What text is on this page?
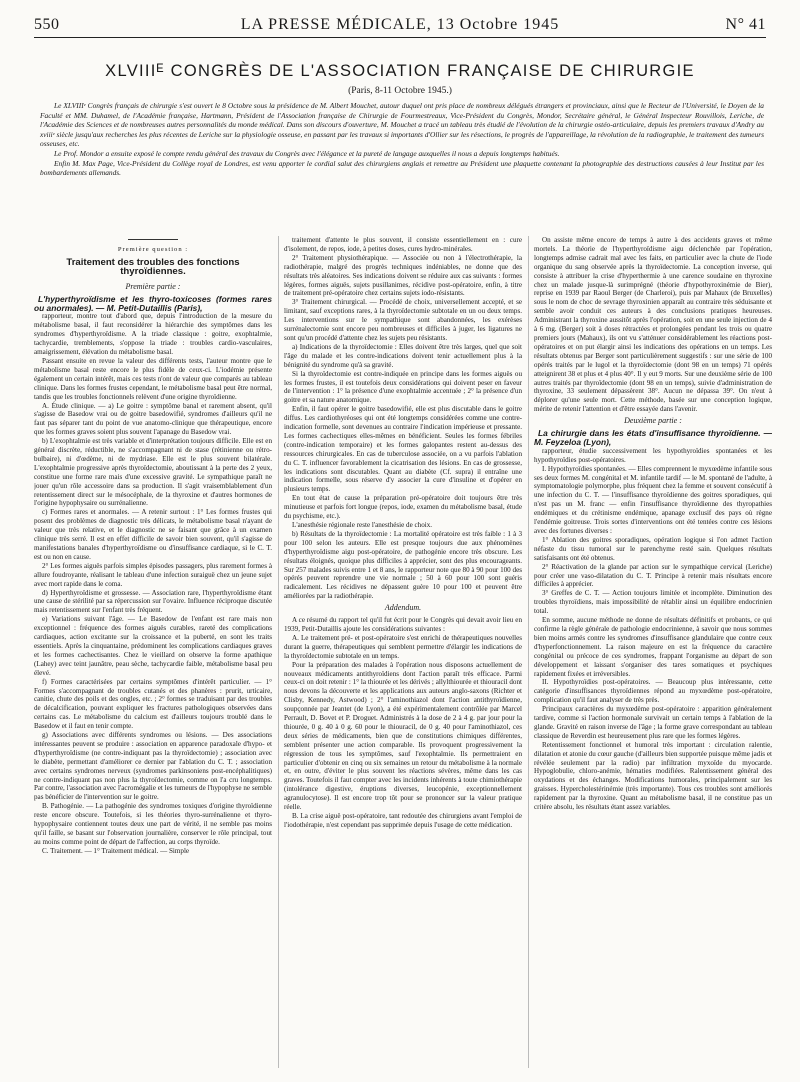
550	LA PRESSE MÉDICALE, 13 Octobre 1945	N° 41
XLVIIIᴱ CONGRÈS DE L'ASSOCIATION FRANÇAISE DE CHIRURGIE
(Paris, 8-11 Octobre 1945.)

Le XLVIIIᵉ Congrès français de chirurgie s'est ouvert le 8 Octobre sous la présidence de M. Albert Mouchet, autour duquel ont pris place de nombreux délégués étrangers et provinciaux, ainsi que le Recteur de l'Université, le Doyen de la Faculté et MM. Duhamel, de l'Académie française, Hartmann, Président de l'Association française de Chirurgie de Fourmestreaux, Vice-Président du Congrès, Mondor, Secrétaire général, le Général Inspecteur Rouvillois, Leriche, de l'Académie des Sciences et de nombreuses autres personnalités du monde médical. Dans son discours d'ouverture, M. Mouchet a tracé un tableau très étudié de l'évolution de la chirurgie ostéo-articulaire, depuis les premiers travaux d'Andry au xviiiᵉ siècle jusqu'aux recherches les plus récentes de Leriche sur la physiologie osseuse, en passant par les travaux si importants d'Ollier sur les résections, le progrès de l'appareillage, la révolution de la radiographie, le traitement des tumeurs osseuses, etc.

Le Prof. Mondor a ensuite exposé le compte rendu général des travaux du Congrès avec l'élégance et la pureté de langage auxquelles il nous a depuis longtemps habitués.

Enfin M. Max Page, Vice-Président du Collège royal de Londres, est venu apporter le cordial salut des chirurgiens anglais et remettre au Président une plaquette contenant la photographie des destructions causées à leur Institut par les bombardements allemands.

Première question :

Traitement des troubles des fonctions thyroïdiennes.

Première partie :

L'hyperthyroïdisme et les thyro-toxicoses (formes rares ou anormales). — M. Petit-Dutaillis (Paris),

rapporteur, montre tout d'abord que, depuis l'introduction de la mesure du métabolisme basal, il faut reconsidérer la hiérarchie des symptômes dans les syndromes d'hyperthyroïdisme. A la triade classique : goitre, exophtalmie, tachycardie, tremblements, s'oppose la triade : troubles cardio-vasculaires, amaigrissement, élévation du métabolisme basal.

Passant ensuite en revue la valeur des différents tests, l'auteur montre que le métabolisme basal reste encore le plus fidèle de ceux-ci. L'iodémie présente également un certain intérêt, mais ces tests n'ont de valeur que comparés au tableau clinique. Dans les formes frustes cependant, le métabolisme basal peut être normal, tandis que les troubles fonctionnels relèvent d'une origine thyroïdienne.

A. Étude clinique. — a) Le goitre : symptôme banal et rarement absent, qu'il s'agisse de Basedow vrai ou de goitre basedowifié, syndromes d'ailleurs qu'il ne faut pas séparer tant du point de vue anatomo-clinique que thérapeutique, encore que les formes graves soient plus souvent l'apanage du Basedow vrai.

b) L'exophtalmie est très variable et d'interprétation toujours difficile. Elle est en général discrète, réductible, ne s'accompagnant ni de stase (rétinienne ou rétro-bulbaire), ni d'œdème, ni de mydriase. Elle est le plus souvent bilatérale. L'exophtalmie progressive après thyroïdectomie, aboutissant à la perte des 2 yeux, constitue une forme rare mais d'une excessive gravité. Le sympathique paraît ne jouer qu'un rôle accessoire dans sa production. Il s'agit vraisemblablement d'un retentissement direct sur le mésocéphale, de la thyroxine et d'autres hormones de l'origine hypophysaire ou surrénalienne.

c) Formes rares et anormales. — A retenir surtout : 1° Les formes frustes qui posent des problèmes de diagnostic très délicats, le métabolisme basal n'ayant de valeur que très relative, et le diagnostic ne se faisant que grâce à un examen clinique très serré. Il est en effet difficile de savoir bien souvent, qu'il s'agisse de manifestations banales d'hyperthyroïdisme ou d'insuffisance cardiaque, si le C. T. est ou non en cause.

2° Les formes aiguës parfois simples épisodes passagers, plus rarement formes à allure foudroyante, réalisant le tableau d'une infection suraiguë chez un jeune sujet avec mort rapide dans le coma.

d) Hyperthyroïdisme et grossesse. — Association rare, l'hyperthyroïdisme étant une cause de stérilité par sa répercussion sur l'ovaire. Influence réciproque discutée mais retentissement sur l'enfant très fréquent.

e) Variations suivant l'âge. — Le Basedow de l'enfant est rare mais non exceptionnel : fréquence des formes aiguës curables, rareté des complications cardiaques, action excitante sur la croissance et la puberté, en sont les traits essentiels. Après la cinquantaine, prédominent les complications cardiaques graves et les formes cachectisantes. Chez le vieillard on observe la forme apathique (Lahey) avec teint jaunâtre, peau sèche, tachycardie faible, métabolisme basal peu élevé.

f) Formes caractérisées par certains symptômes d'intérêt particulier. — 1° Formes s'accompagnant de troubles cutanés et des phanères : prurit, urticaire, canitie, chute des poils et des ongles, etc. ; 2° formes se traduisant par des troubles de décalcification, pouvant expliquer les fractures pathologiques observées dans certains cas. Le métabolisme du calcium est d'ailleurs toujours troublé dans le Basedow et il faut en tenir compte.

g) Associations avec différents syndromes ou lésions. — Des associations intéressantes peuvent se produire : association en apparence paradoxale d'hypo- et d'hyperthyroïdisme (ne contre-indiquant pas la thyroïdectomie) ; association avec le diabète, permettant d'améliorer ce dernier par l'ablation du C. T. ; association avec certains syndromes nerveux (syndromes parkinsoniens post-encéphalitiques) ne contre-indiquant pas non plus la thyroïdectomie, comme on l'a cru longtemps. Par contre, l'association avec l'acromégalie et les tumeurs de l'hypophyse ne semble pas bénéficier de l'intervention sur le goitre.

B. Pathogénie. — La pathogénie des syndromes toxiques d'origine thyroïdienne reste encore obscure. Toutefois, si les théories thyro-surrénalienne et thyro-hypophysaire contiennent toutes deux une part de vérité, il ne semble pas moins qu'il faille, se basant sur l'observation journalière, conserver le rôle principal, tout au moins comme point de départ de l'affection, au corps thyroïde.

C. Traitement. — 1° Traitement médical. — Simple

traitement d'attente le plus souvent, il consiste essentiellement en : cure d'isolement, de repos, iode, à petites doses, cures hydro-minérales.

2° Traitement physiothérapique. — Associée ou non à l'électrothérapie, la radiothérapie, malgré des progrès techniques indéniables, ne donne que des résultats très aléatoires. Ses indications doivent se réduire aux cas suivants : formes légères, formes aiguës, sujets pusillanimes, récidive post-opératoire, enfin, à titre de traitement pré-opératoire chez certains sujets iodo-résistants.

3° Traitement chirurgical. — Procédé de choix, universellement accepté, et se limitant, sauf exceptions rares, à la thyroïdectomie subtotale en un ou deux temps. Les interventions sur le sympathique sont abandonnées, les exérèses surrénalectomie sont encore peu nombreuses et difficiles à juger, les ligatures ne sont qu'un procédé d'attente chez les sujets peu résistants.

a) Indications de la thyroïdectomie : Elles doivent être très larges, quel que soit l'âge du malade et les contre-indications doivent tenir actuellement plus à la bénignité du syndrome qu'à sa gravité.

Si la thyroïdectomie est contre-indiquée en principe dans les formes aiguës ou les formes frustes, il est toutefois deux considérations qui doivent peser en faveur de l'intervention : 1° la présence d'une exophtalmie accentuée ; 2° la présence d'un goitre et sa nature anatomique.

Enfin, il faut opérer le goitre basedowifié, elle est plus discutable dans le goitre diffus. Les cardiothyréoses qui ont été longtemps considérées comme une contre-indication formelle, sont devenues au contraire l'indication impérieuse et pressante. Les formes cachectiques elles-mêmes en bénéficient. Seules les formes fébriles (contre-indication temporaire) et les formes galopantes restent au-dessus des ressources chirurgicales. En cas de tuberculose associée, on a vu parfois l'ablation du C. T. influencer favorablement la cicatrisation des lésions. En cas de grossesse, les indications sont discutables. Quant au diabète (Cf. supra) il entraîne une indication formelle, sous réserve d'y associer la cure d'insuline et d'opérer en plusieurs temps.

En tout état de cause la préparation pré-opératoire doit toujours être très minutieuse et parfois fort longue (repos, iode, examen du métabolisme basal, étude du psychisme, etc.).

L'anesthésie régionale reste l'anesthésie de choix.

b) Résultats de la thyroïdectomie : La mortalité opératoire est très faible : 1 à 3 pour 100 selon les auteurs. Elle est presque toujours due aux phénomènes d'hyperthyroïdisme aigu post-opératoire, de pathogénie encore très obscure. Les résultats éloignés, quoique plus difficiles à apprécier, sont des plus encourageants. Sur 257 malades suivis entre 1 et 8 ans, le rapporteur note que 80 à 90 pour 100 des opérés peuvent reprendre une vie normale ; 50 à 60 pour 100 sont guéris radicalement. Les récidives ne dépassent guère 10 pour 100 et peuvent être améliorées par la radiothérapie.

Addendum.

A ce résumé du rapport tel qu'il fut écrit pour le Congrès qui devait avoir lieu en 1939, Petit-Dutaillis ajoute les considérations suivantes :

A. Le traitement pré- et post-opératoire s'est enrichi de thérapeutiques nouvelles durant la guerre, thérapeutiques qui semblent permettre d'élargir les indications de la thyroïdectomie subtotale en un temps.

Pour la préparation des malades à l'opération nous disposons actuellement de nouveaux médicaments antithyroïdiens dont l'action paraît très efficace. Parmi ceux-ci on doit retenir : 1° la thiourée et les dérivés ; allylthiourée et thiouracil dont nous devons la découverte et les applications aux auteurs anglo-saxons (Richter et Clisby, Kennedy, Astwood) ; 2° l'aminothiazol dont l'action antithyroïdienne, soupçonnée par Jeantet (de Lyon), a été expérimentalement contrôlée par Marcel Perrault, D. Bovet et P. Droguet. Administrés à la dose de 2 à 4 g. par jour pour la thiourée, 0 g. 40 à 0 g. 60 pour le thiouracil, de 0 g. 40 pour l'aminothiazol, ces deux séries de médicaments, bien que de constitutions chimiques différentes, semblent présenter une action comparable. Ils provoquent progressivement la régression de tous les symptômes, sauf l'exophtalmie. Ils permettraient en particulier d'obtenir en cinq ou six semaines un retour du métabolisme à la normale et, en outre, d'éviter le plus souvent les réactions sévères, même dans les cas graves. Toutefois il faut compter avec les incidents inhérents à toute chimiothérapie (intolérance digestive, éruptions diverses, leucopénie, exceptionnellement agranulocytose). Il est encore trop tôt pour se prononcer sur la valeur pratique réelle.

B. La crise aiguë post-opératoire, tant redoutée des chirurgiens avant l'emploi de l'iodothérapie, n'est cependant pas supprimée depuis l'usage de cette médication.

On assiste même encore de temps à autre à des accidents graves et même mortels. La théorie de l'hyperthyroïdisme aigu déclenchée par l'opération, longtemps admise cadrait mal avec les faits, en particulier avec la chute de l'iode organique du sang observée après la thyroïdectomie. La conception inverse, qui consiste à attribuer la crise d'hyperthermie à une carence soudaine en thyroxine chez un malade jusque-là surimprégné (théorie d'hypothyroxinémie de Bier), reprise en 1939 par Raoul Berger (de Charleroi), puis par Mahaux (de Bruxelles) sous le nom de choc de sevrage thyroxinien apparaît au contraire très séduisante et semble avoir conduit ces auteurs à des conclusions pratiques heureuses. Administrant la thyroxine aussitôt après l'opération, soit en une seule injection de 4 à 6 mg. (Berger) soit à doses rétractées et prolongées pendant les trois ou quatre premiers jours (Mahaux), ils ont vu s'atténuer considérablement les réactions post-opératoires et on put élargir ainsi les indications des opérations en un temps. Les résultats obtenus par Berger sont particulièrement suggestifs : sur une série de 100 opérés traités par le lugol et la thyroïdectomie (dont 98 en un temps) 71 opérés atteignirent 38 et plus et 4 plus 40°. Il y eut 9 morts. Sur une deuxième série de 100 autres traités par thyroïdectomie (dont 98 en un temps), suivie d'administration de thyroxine, 33 seulement dépassèrent 38°. Aucun ne dépassa 39°. On n'eut à déplorer qu'une seule mort. Cette méthode, basée sur une conception logique, mérite de retenir l'attention et d'être essayée dans l'avenir.

Deuxième partie :

La chirurgie dans les états d'insuffisance thyroïdienne. — M. Feyzeloa (Lyon),

rapporteur, étudie successivement les hypothyroïdies spontanées et les hypothyroïdies post-opératoires.

I. Hypothyroïdies spontanées. — Elles comprennent le myxœdème infantile sous ses deux formes M. congénital et M. infantile tardif — le M. spontané de l'adulte, à symptomatologie polymorphe, plus fréquent chez la femme et souvent consécutif à une infection du C. T. — l'insuffisance thyroïdienne des goitres sporadiques, qui n'est pas un M. franc — enfin l'insuffisance thyroïdienne des thyropathies endémiques et du crétinisme endémique, apanage exclusif des pays où règne l'endémie goitreuse. Trois sortes d'interventions ont été tentées contre ces lésions avec des fortunes diverses :

1° Ablation des goitres sporadiques, opération logique si l'on admet l'action néfaste du tissu tumoral sur le parenchyme resté sain. Quelques résultats satisfaisants ont été obtenus.

2° Réactivation de la glande par action sur le sympathique cervical (Leriche) pour créer une vaso-dilatation du C. T. Principe à retenir mais résultats encore difficiles à apprécier.

3° Greffes de C. T. — Action toujours limitée et incomplète. Diminution des troubles thyroïdiens, mais impossibilité de rétablir ainsi un équilibre endocrinien total.

En somme, aucune méthode ne donne de résultats définitifs et probants, ce qui confirme la règle générale de pathologie endocrinienne, à savoir que nous sommes bien moins armés contre les syndromes d'insuffisance glandulaire que contre ceux d'hyperfonctionnement. La raison majeure en est la fréquence du caractère congénital ou précoce de ces syndromes, frappant l'organisme au départ de son développement et laissant s'organiser des tares somatiques et psychiques rapidement fixées et irréversibles.

II. Hypothyroïdies post-opératoires. — Beaucoup plus intéressante, cette catégorie d'insuffisances thyroïdiennes répond au myxœdème post-opératoire, complication qu'il faut analyser de très près.

Principaux caractères du myxœdème post-opératoire : apparition généralement tardive, comme si l'action hormonale survivait un certain temps à l'ablation de la glande. Gravité en raison inverse de l'âge ; la forme grave correspondant au tableau classique de Reverdin est heureusement plus rare que les formes légères.

Retentissement fonctionnel et humoral très important : circulation ralentie, dilatation et atonie du cœur gauche (d'ailleurs bien supportée puisque même jadis et révélée seulement par la radio) par infiltration myxoïde du myocarde. Hypoglobulie, chloro-anémie, hématies modifiées. Ralentissement général des oxydations et des échanges. Modifications humorales, principalement sur les graisses. Hypercholestérinémie (très importante). Tous ces troubles sont améliorés rapidement par la thyroxine. Quant au métabolisme basal, il ne constitue pas un critère absolu, les résultats étant assez variables.
